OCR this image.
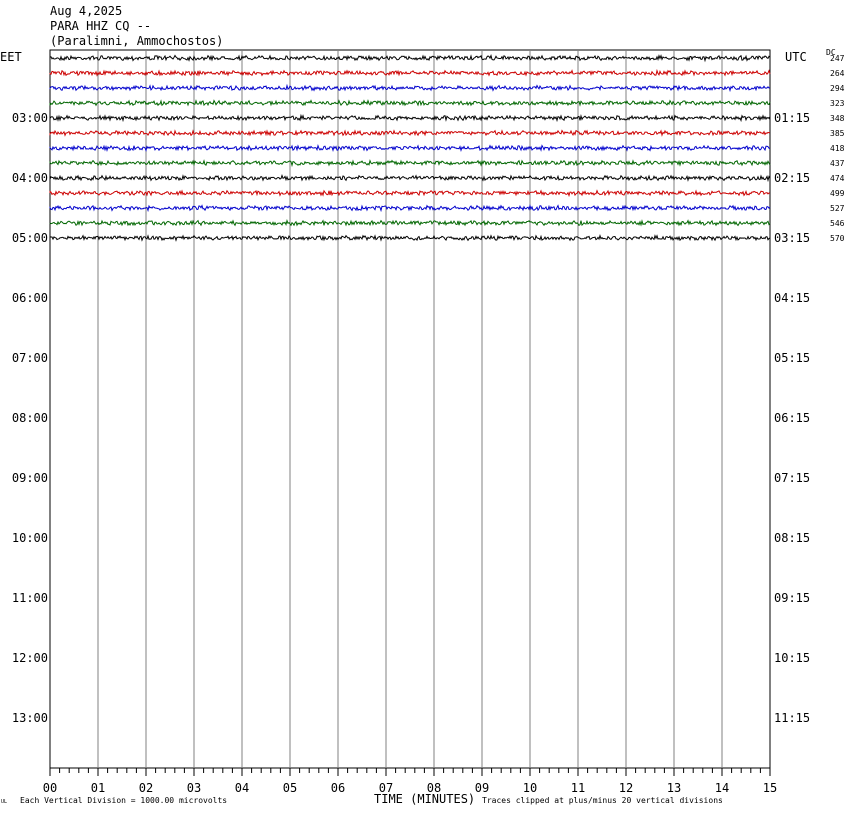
Aug 4,2025
PARA HHZ CQ --
(Paralimni, Ammochostos)
EET	UTC DC
00	01	02	03	04	05	06	07	08	09	10	11	12	13	14	15
03:00
04:00
05:00
06:00
07:00
08:00
09:00
10:00
11:00
12:00
13:00
01:15
02:15
03:15
04:15
05:15
06:15
07:15
08:15
09:15
10:15
11:15
247
264
294
323
348
385
418
437
474
499
527
546
570
TIME (MINUTES)
Each Vertical Division = 1000.00 microvolts	Traces clipped at plus/minus 20 vertical divisions
UL
